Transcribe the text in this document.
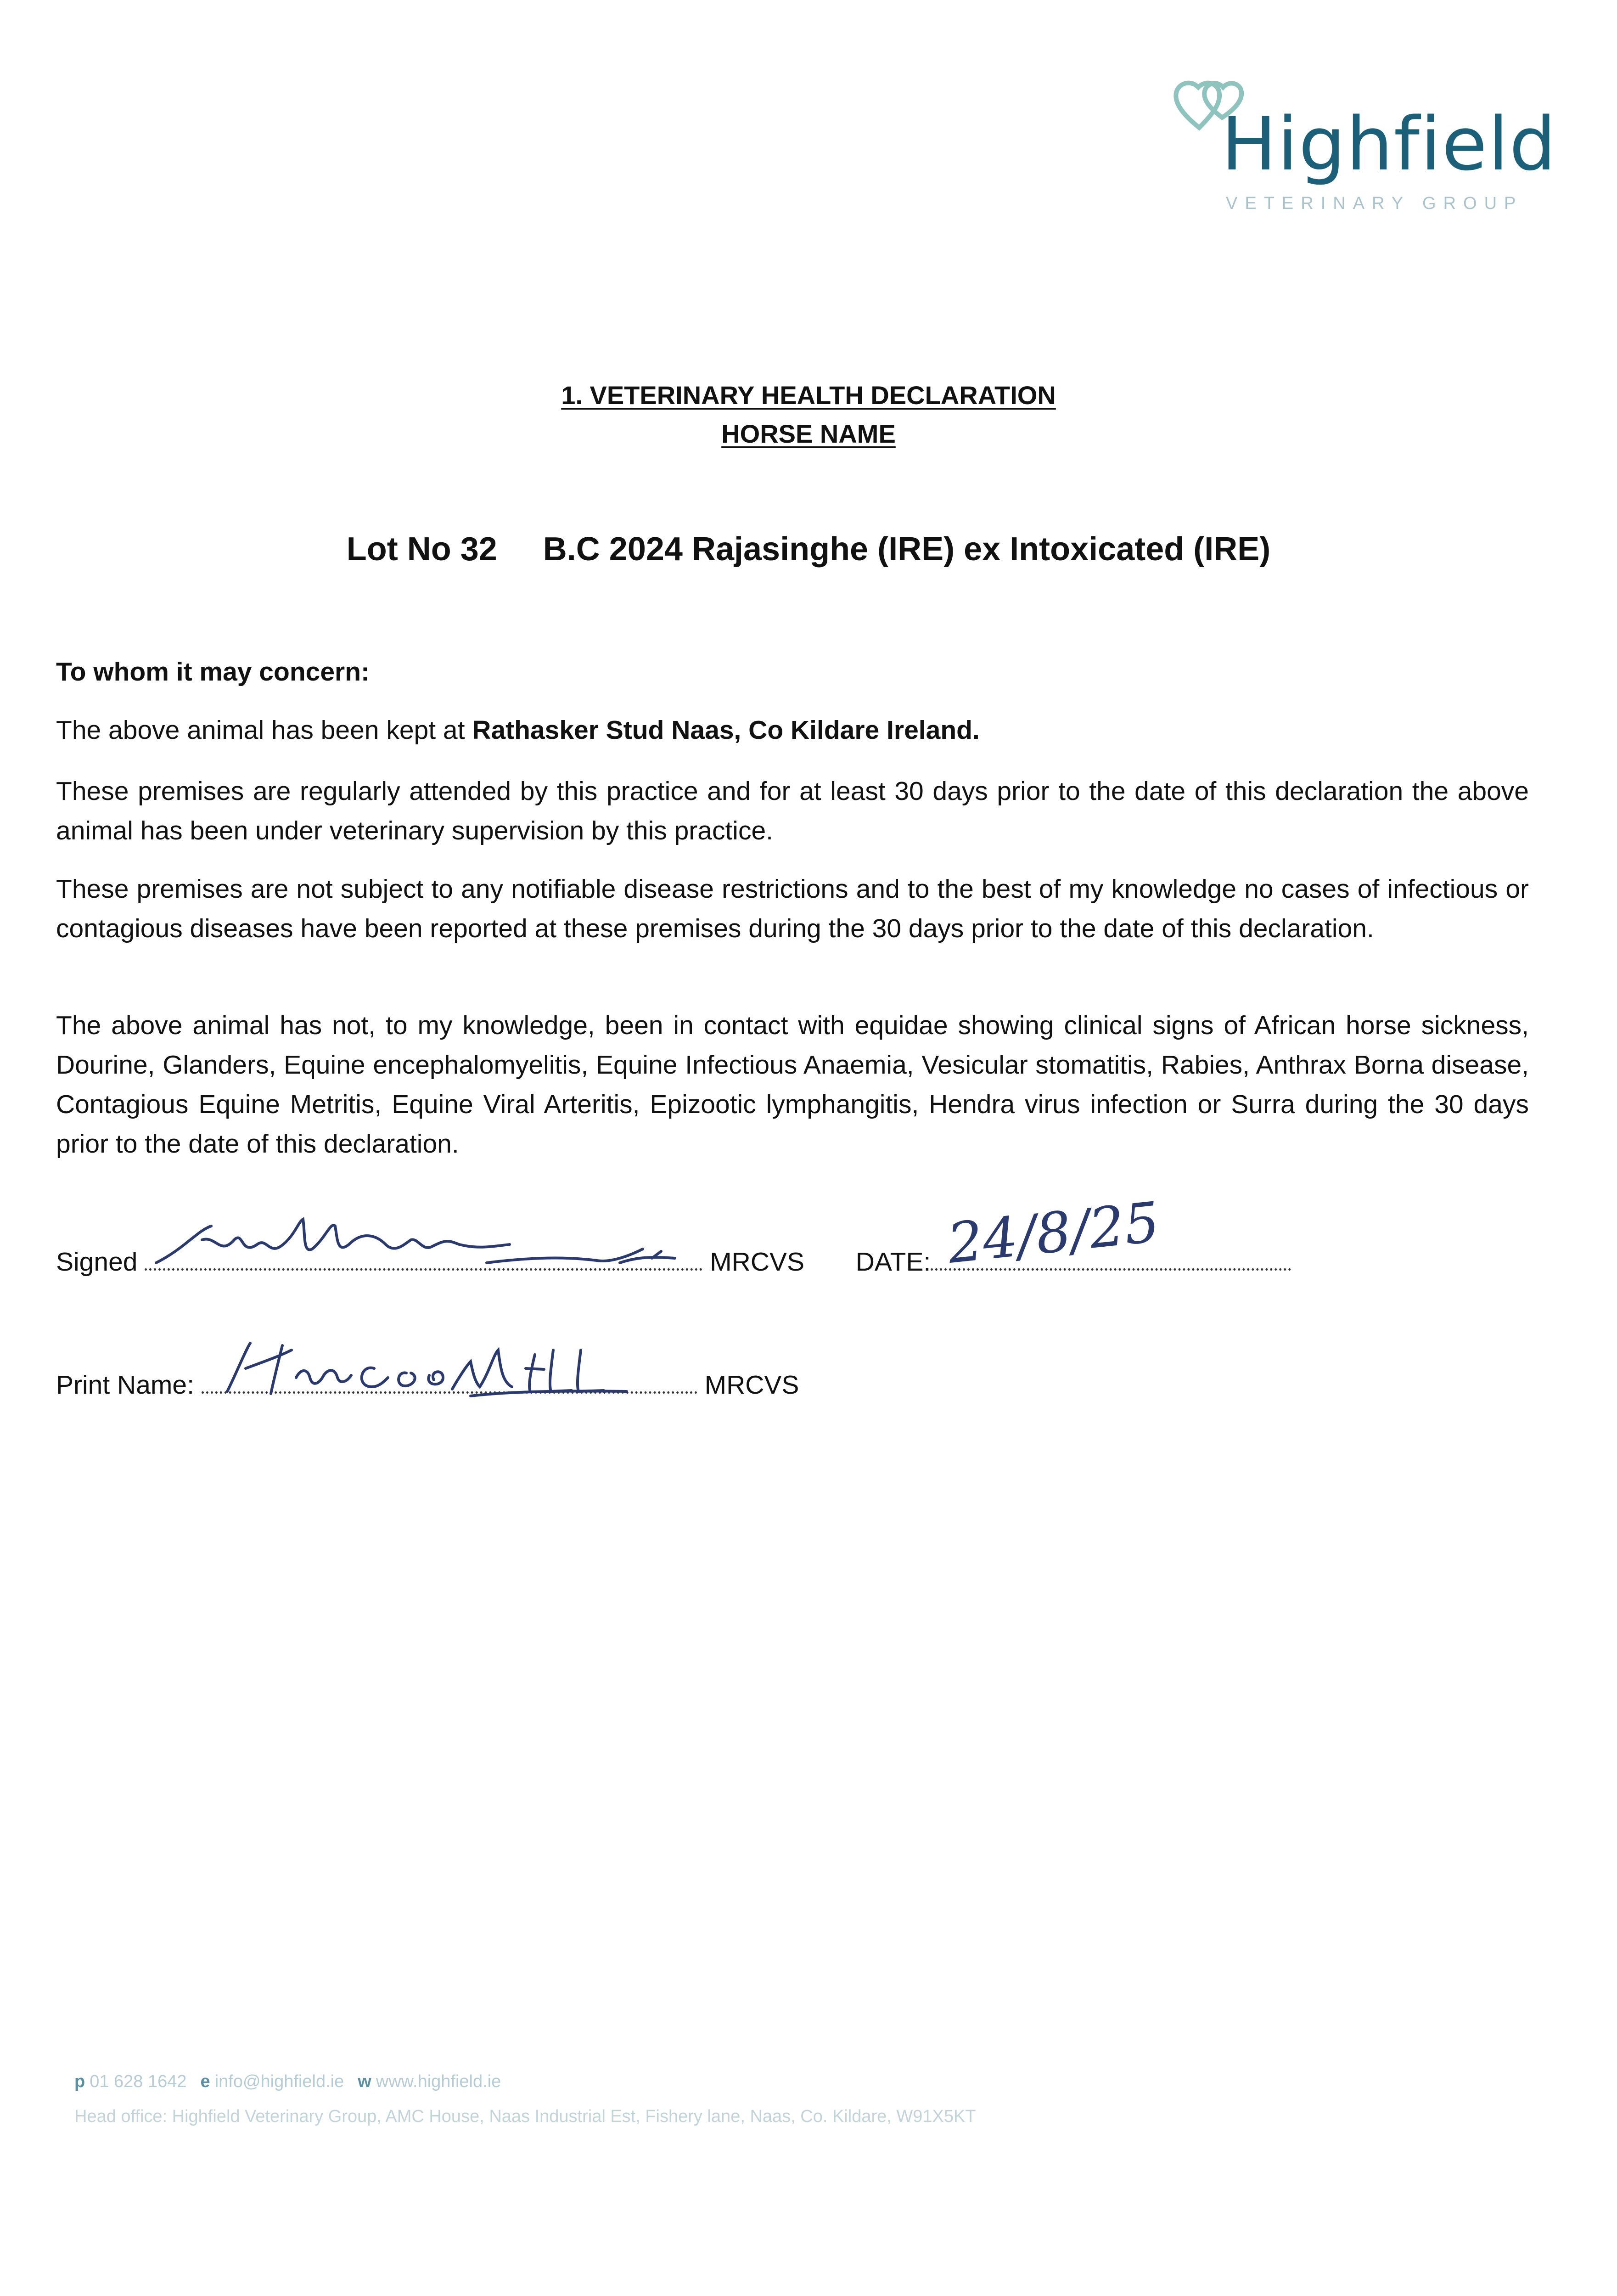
Highfield
VETERINARY GROUP
1. VETERINARY HEALTH DECLARATION
HORSE NAME
Lot No 32 B.C 2024 Rajasinghe (IRE) ex Intoxicated (IRE)
To whom it may concern:
The above animal has been kept at Rathasker Stud Naas, Co Kildare Ireland.
These premises are regularly attended by this practice and for at least 30 days prior to the date of this declaration the above animal has been under veterinary supervision by this practice.
These premises are not subject to any notifiable disease restrictions and to the best of my knowledge no cases of infectious or contagious diseases have been reported at these premises during the 30 days prior to the date of this declaration.
The above animal has not, to my knowledge, been in contact with equidae showing clinical signs of African horse sickness, Dourine, Glanders, Equine encephalomyelitis, Equine Infectious Anaemia, Vesicular stomatitis, Rabies, Anthrax Borna disease, Contagious Equine Metritis, Equine Viral Arteritis, Epizootic lymphangitis, Hendra virus infection or Surra during the 30 days prior to the date of this declaration.
Signed	MRCVS DATE: 24/8/25
Print Name:	MRCVS
p 01 628 1642 e info@highfield.ie w www.highfield.ie
Head office: Highfield Veterinary Group, AMC House, Naas Industrial Est, Fishery lane, Naas, Co. Kildare, W91X5KT
